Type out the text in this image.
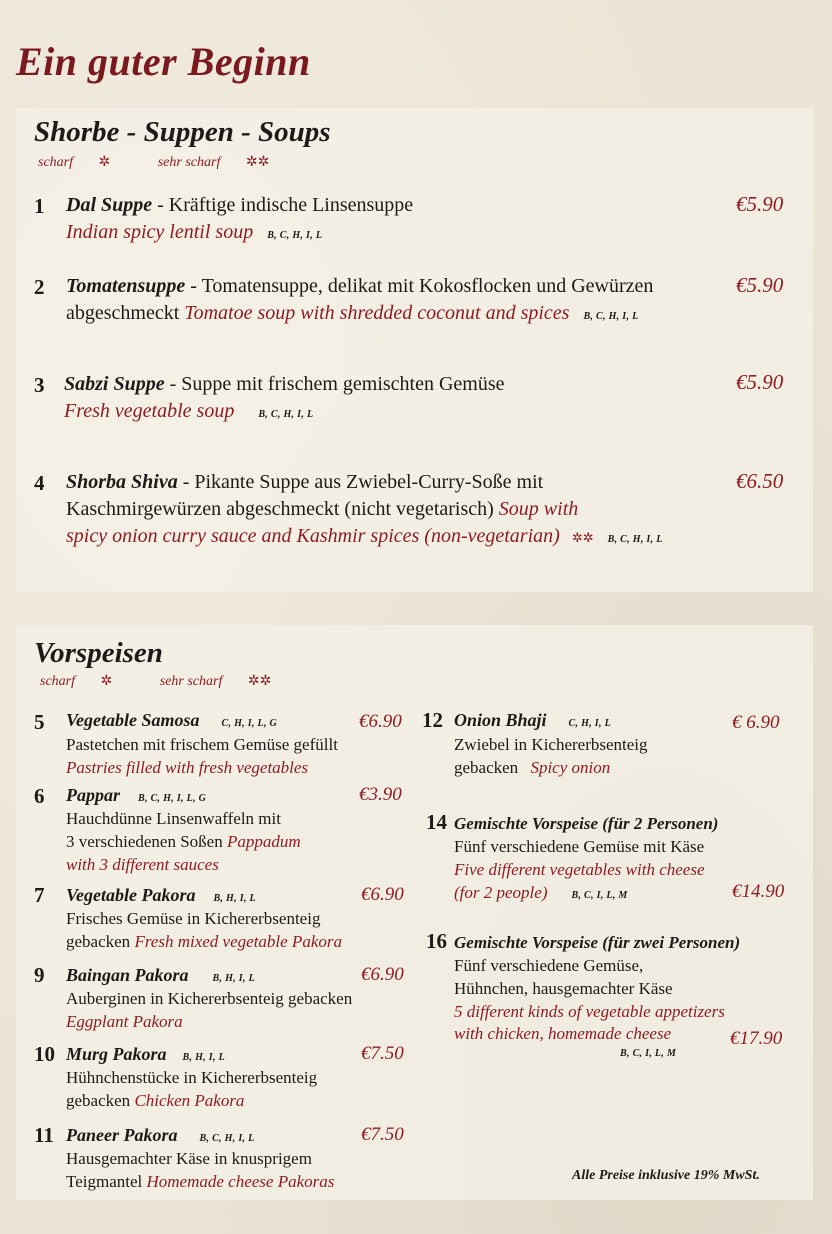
Ein guter Beginn
Shorbe - Suppen - Soups
scharf ✲	sehr scharf ✲✲
1 Dal Suppe - Kräftige indische Linsensuppe
Indian spicy lentil soup B, C, H, I, L
€5.90
2 Tomatensuppe - Tomatensuppe, delikat mit Kokosflocken und Gewürzen
abgeschmeckt Tomatoe soup with shredded coconut and spices B, C, H, I, L
€5.90
3 Sabzi Suppe - Suppe mit frischem gemischten Gemüse
Fresh vegetable soup B, C, H, I, L
€5.90
4 Shorba Shiva - Pikante Suppe aus Zwiebel-Curry-Soße mit
Kaschmirgewürzen abgeschmeckt (nicht vegetarisch) Soup with
spicy onion curry sauce and Kashmir spices (non-vegetarian) ✲✲ B, C, H, I, L
€6.50
Vorspeisen
scharf ✲	sehr scharf ✲✲
5 Vegetable Samosa C, H, I, L, G	€6.90
Pastetchen mit frischem Gemüse gefüllt
Pastries filled with fresh vegetables
6 Pappar B, C, H, I, L, G	€3.90
Hauchdünne Linsenwaffeln mit
3 verschiedenen Soßen Pappadum
with 3 different sauces
7 Vegetable Pakora B, H, I, L	€6.90
Frisches Gemüse in Kichererbsenteig
gebacken Fresh mixed vegetable Pakora
9 Baingan Pakora B, H, I, L	€6.90
Auberginen in Kichererbsenteig gebacken
Eggplant Pakora
10 Murg Pakora B, H, I, L	€7.50
Hühnchenstücke in Kichererbsenteig
gebacken Chicken Pakora
11 Paneer Pakora B, C, H, I, L	€7.50
Hausgemachter Käse in knusprigem
Teigmantel Homemade cheese Pakoras
12 Onion Bhaji C, H, I, L	€ 6.90
Zwiebel in Kichererbsenteig
gebacken Spicy onion
14 Gemischte Vorspeise (für 2 Personen)
Fünf verschiedene Gemüse mit Käse
Five different vegetables with cheese
(for 2 people) B, C, I, L, M	€14.90
16 Gemischte Vorspeise (für zwei Personen)
Fünf verschiedene Gemüse,
Hühnchen, hausgemachter Käse
5 different kinds of vegetable appetizers
with chicken, homemade cheese	€17.90
B, C, I, L, M
Alle Preise inklusive 19% MwSt.
